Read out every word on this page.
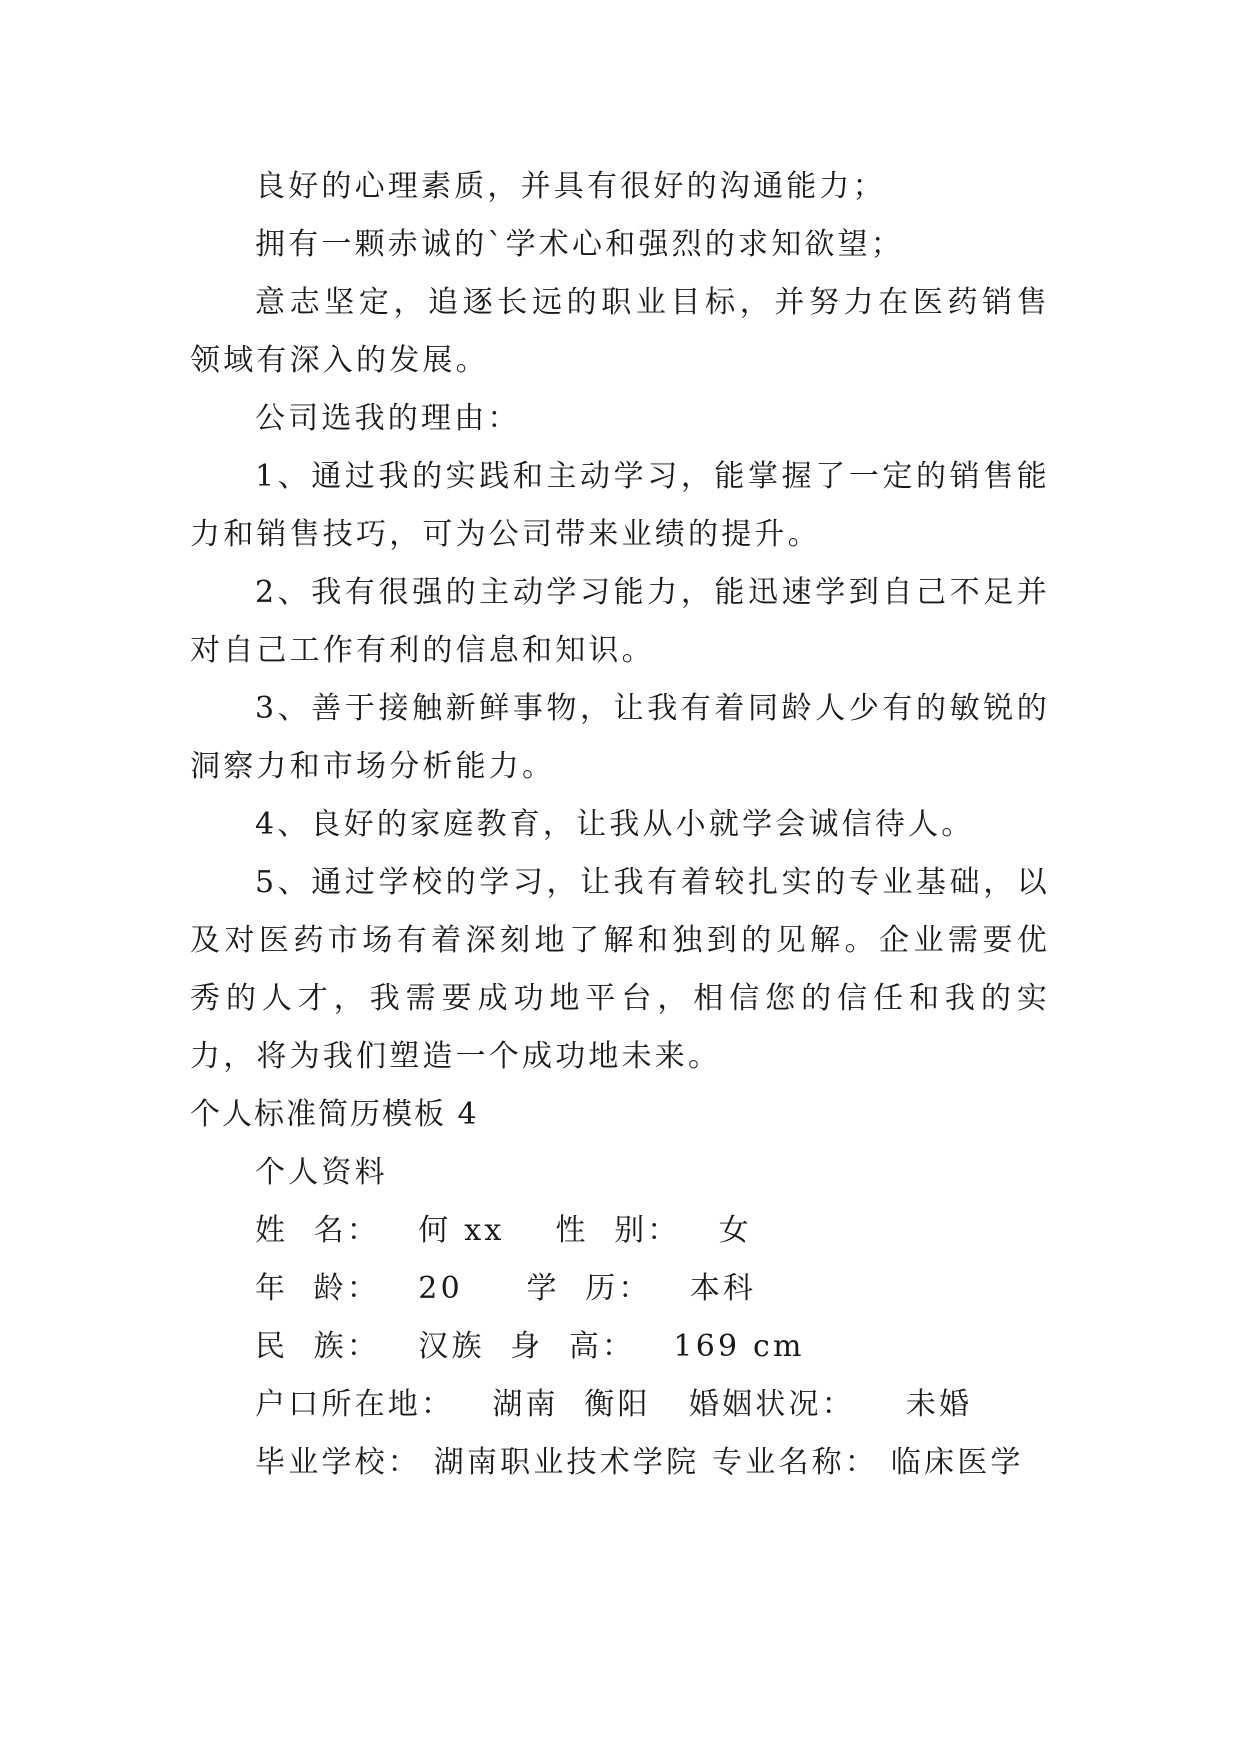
良好的心理素质，并具有很好的沟通能力；

拥有一颗赤诚的`学术心和强烈的求知欲望；

意志坚定，追逐长远的职业目标，并努力在医药销售领域有深入的发展。

公司选我的理由：

1、通过我的实践和主动学习，能掌握了一定的销售能力和销售技巧，可为公司带来业绩的提升。

2、我有很强的主动学习能力，能迅速学到自己不足并对自己工作有利的信息和知识。

3、善于接触新鲜事物，让我有着同龄人少有的敏锐的洞察力和市场分析能力。

4、良好的家庭教育，让我从小就学会诚信待人。

5、通过学校的学习，让我有着较扎实的专业基础，以及对医药市场有着深刻地了解和独到的见解。企业需要优秀的人才，我需要成功地平台，相信您的信任和我的实力，将为我们塑造一个成功地未来。

个人标准简历模板 4

个人资料

姓  名：   何 xx    性  别：   女

年  龄：   20     学  历：   本科

民  族：   汉族  身  高：   169 cm

户口所在地：   湖南  衡阳   婚姻状况：    未婚

毕业学校： 湖南职业技术学院 专业名称： 临床医学
